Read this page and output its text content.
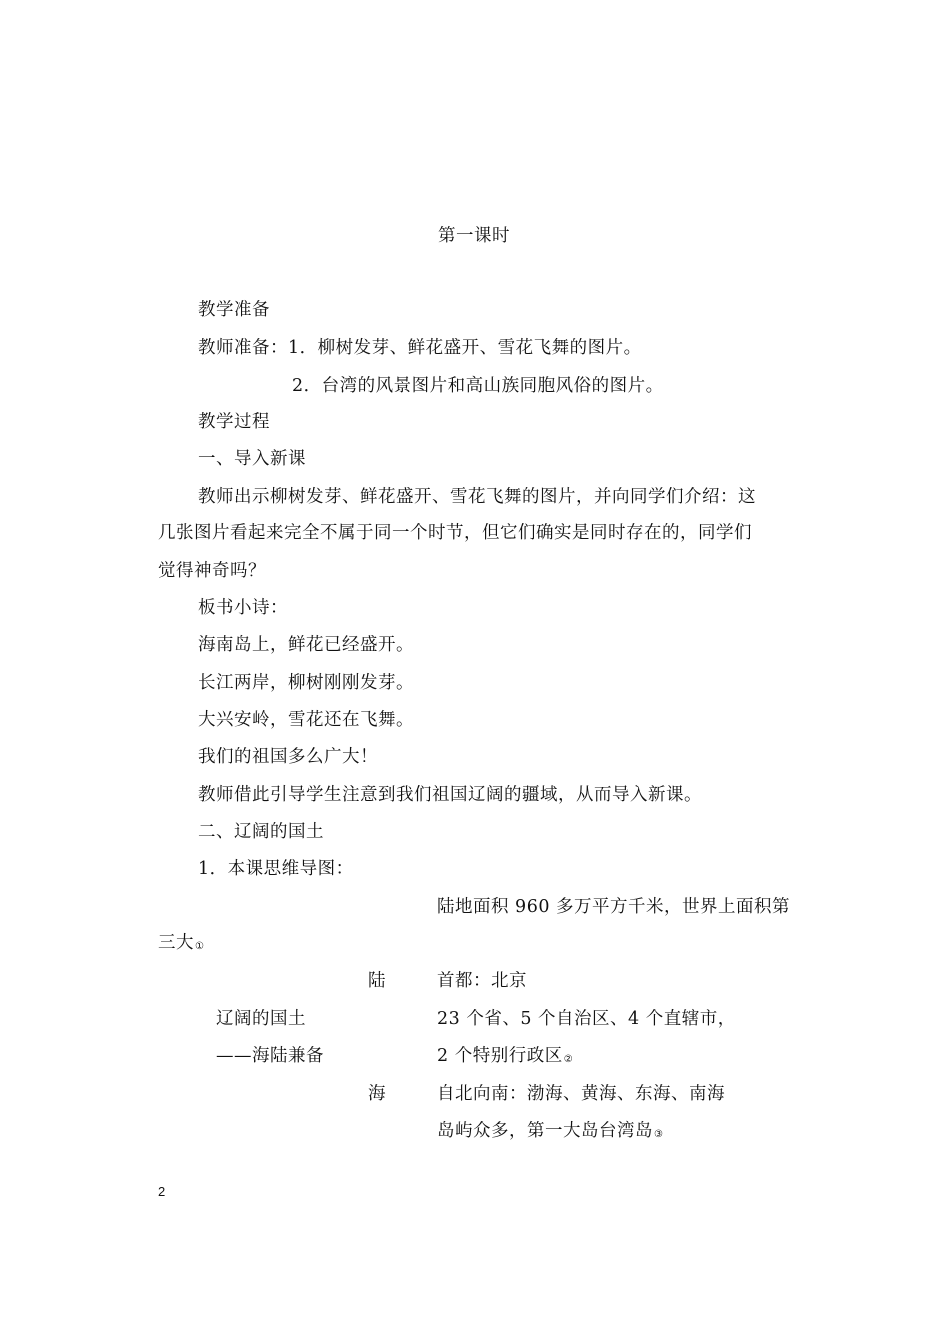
第一课时
教学准备
教师准备：1．柳树发芽、鲜花盛开、雪花飞舞的图片。
2．台湾的风景图片和高山族同胞风俗的图片。
教学过程
一、导入新课
教师出示柳树发芽、鲜花盛开、雪花飞舞的图片，并向同学们介绍：这
几张图片看起来完全不属于同一个时节，但它们确实是同时存在的，同学们
觉得神奇吗？
板书小诗：
海南岛上，鲜花已经盛开。
长江两岸，柳树刚刚发芽。
大兴安岭，雪花还在飞舞。
我们的祖国多么广大！
教师借此引导学生注意到我们祖国辽阔的疆域，从而导入新课。
二、辽阔的国土
1．本课思维导图：
陆地面积 960 多万平方千米，世界上面积第
三大①
陆	首都：北京
辽阔的国土	23 个省、5 个自治区、4 个直辖市，
——海陆兼备	2 个特别行政区②
海	自北向南：渤海、黄海、东海、南海
岛屿众多，第一大岛台湾岛③
2
